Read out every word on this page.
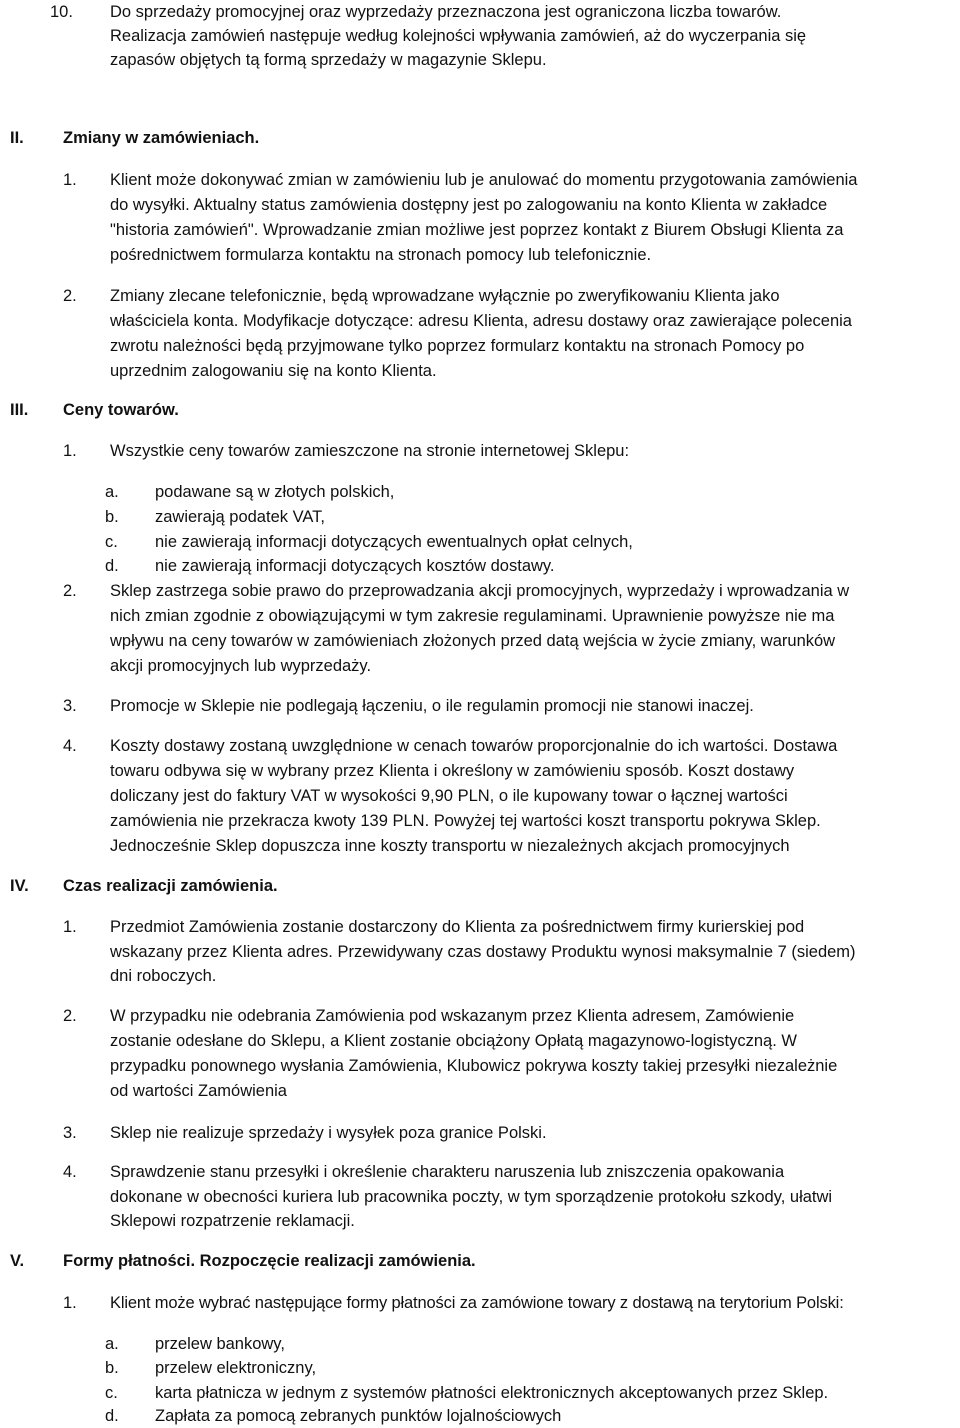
10. Do sprzedaży promocyjnej oraz wyprzedaży przeznaczona jest ograniczona liczba towarów.
Realizacja zamówień następuje według kolejności wpływania zamówień, aż do wyczerpania się
zapasów objętych tą formą sprzedaży w magazynie Sklepu.
II. Zmiany w zamówieniach.
1. Klient może dokonywać zmian w zamówieniu lub je anulować do momentu przygotowania zamówienia
do wysyłki. Aktualny status zamówienia dostępny jest po zalogowaniu na konto Klienta w zakładce
"historia zamówień". Wprowadzanie zmian możliwe jest poprzez kontakt z Biurem Obsługi Klienta za
pośrednictwem formularza kontaktu na stronach pomocy lub telefonicznie.
2. Zmiany zlecane telefonicznie, będą wprowadzane wyłącznie po zweryfikowaniu Klienta jako
właściciela konta. Modyfikacje dotyczące: adresu Klienta, adresu dostawy oraz zawierające polecenia
zwrotu należności będą przyjmowane tylko poprzez formularz kontaktu na stronach Pomocy po
uprzednim zalogowaniu się na konto Klienta.
III. Ceny towarów.
1. Wszystkie ceny towarów zamieszczone na stronie internetowej Sklepu:
a. podawane są w złotych polskich,
b. zawierają podatek VAT,
c. nie zawierają informacji dotyczących ewentualnych opłat celnych,
d. nie zawierają informacji dotyczących kosztów dostawy.
2. Sklep zastrzega sobie prawo do przeprowadzania akcji promocyjnych, wyprzedaży i wprowadzania w
nich zmian zgodnie z obowiązującymi w tym zakresie regulaminami. Uprawnienie powyższe nie ma
wpływu na ceny towarów w zamówieniach złożonych przed datą wejścia w życie zmiany, warunków
akcji promocyjnych lub wyprzedaży.
3. Promocje w Sklepie nie podlegają łączeniu, o ile regulamin promocji nie stanowi inaczej.
4. Koszty dostawy zostaną uwzględnione w cenach towarów proporcjonalnie do ich wartości. Dostawa
towaru odbywa się w wybrany przez Klienta i określony w zamówieniu sposób. Koszt dostawy
doliczany jest do faktury VAT w wysokości 9,90 PLN, o ile kupowany towar o łącznej wartości
zamówienia nie przekracza kwoty 139 PLN. Powyżej tej wartości koszt transportu pokrywa Sklep.
Jednocześnie Sklep dopuszcza inne koszty transportu w niezależnych akcjach promocyjnych
IV. Czas realizacji zamówienia.
1. Przedmiot Zamówienia zostanie dostarczony do Klienta za pośrednictwem firmy kurierskiej pod
wskazany przez Klienta adres. Przewidywany czas dostawy Produktu wynosi maksymalnie 7 (siedem)
dni roboczych.
2. W przypadku nie odebrania Zamówienia pod wskazanym przez Klienta adresem, Zamówienie
zostanie odesłane do Sklepu, a Klient zostanie obciążony Opłatą magazynowo-logistyczną. W
przypadku ponownego wysłania Zamówienia, Klubowicz pokrywa koszty takiej przesyłki niezależnie
od wartości Zamówienia
3. Sklep nie realizuje sprzedaży i wysyłek poza granice Polski.
4. Sprawdzenie stanu przesyłki i określenie charakteru naruszenia lub zniszczenia opakowania
dokonane w obecności kuriera lub pracownika poczty, w tym sporządzenie protokołu szkody, ułatwi
Sklepowi rozpatrzenie reklamacji.
V. Formy płatności. Rozpoczęcie realizacji zamówienia.
1. Klient może wybrać następujące formy płatności za zamówione towary z dostawą na terytorium Polski:
a. przelew bankowy,
b. przelew elektroniczny,
c. karta płatnicza w jednym z systemów płatności elektronicznych akceptowanych przez Sklep.
d. Zapłata za pomocą zebranych punktów lojalnościowych
